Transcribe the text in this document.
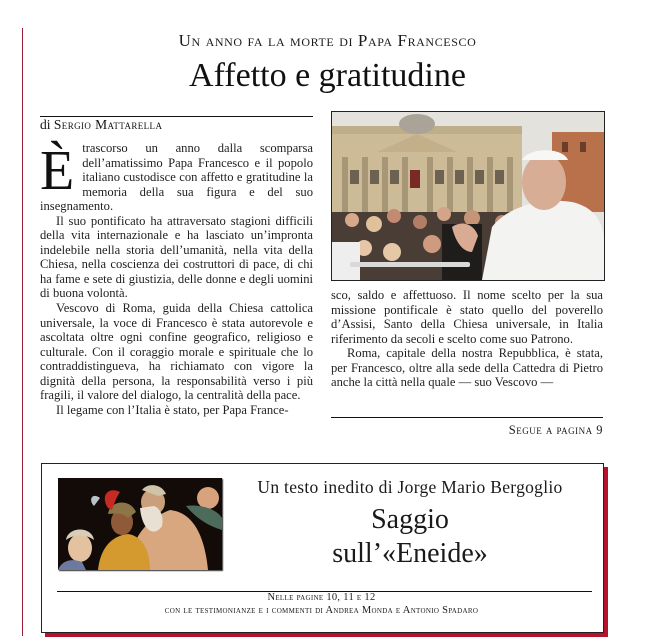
Un anno fa la morte di Papa Francesco
Affetto e gratitudine
di Sergio Mattarella

Ètrascorso un anno dalla scomparsa dell’amatissimo Papa Francesco e il popolo italiano custodisce con affetto e gratitudine la memoria della sua figura e del suo insegnamento.

Il suo pontificato ha attraversato stagioni difficili della vita internazionale e ha lasciato un’impronta indelebile nella storia dell’umanità, nella vita della Chiesa, nella coscienza dei costruttori di pace, di chi ha fame e sete di giustizia, delle donne e degli uomini di buona volontà.

Vescovo di Roma, guida della Chiesa cattolica universale, la voce di Francesco è stata autorevole e ascoltata oltre ogni confine geografico, religioso e culturale. Con il coraggio morale e spirituale che lo contraddistingueva, ha richiamato con vigore la dignità della persona, la responsabilità verso i più fragili, il valore del dialogo, la centralità della pace.

Il legame con l’Italia è stato, per Papa France-

sco, saldo e affettuoso. Il nome scelto per la sua missione pontificale è stato quello del poverello d’Assisi, Santo della Chiesa universale, in Italia riferimento da secoli e scelto come suo Patrono.

Roma, capitale della nostra Repubblica, è stata, per Francesco, oltre alla sede della Cattedra di Pietro anche la città nella quale — suo Vescovo —

Segue a pagina 9
Un testo inedito di Jorge Mario Bergoglio
Saggio
sull’«Eneide»
Nelle pagine 10, 11 e 12
con le testimonianze e i commenti di Andrea Monda e Antonio Spadaro
